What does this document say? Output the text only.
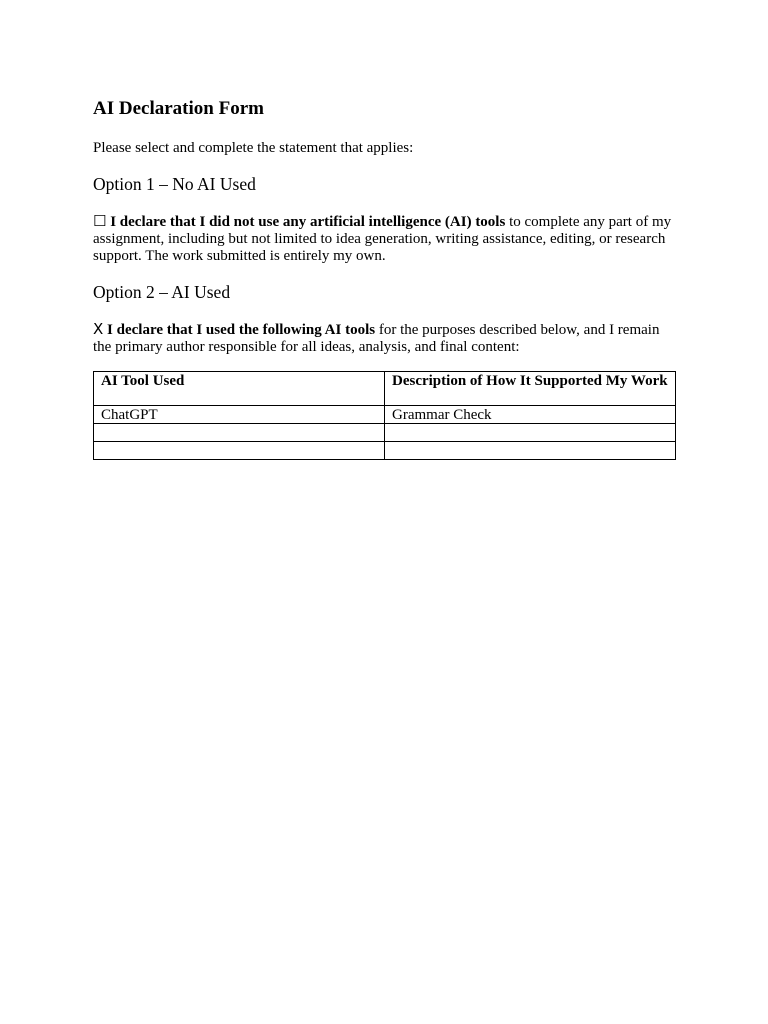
AI Declaration Form

Please select and complete the statement that applies:

Option 1 – No AI Used

☐ I declare that I did not use any artificial intelligence (AI) tools to complete any part of my assignment, including but not limited to idea generation, writing assistance, editing, or research support. The work submitted is entirely my own.

Option 2 – AI Used

X I declare that I used the following AI tools for the purposes described below, and I remain the primary author responsible for all ideas, analysis, and final content:

AI Tool Used	Description of How It Supported My Work
ChatGPT	Grammar Check
